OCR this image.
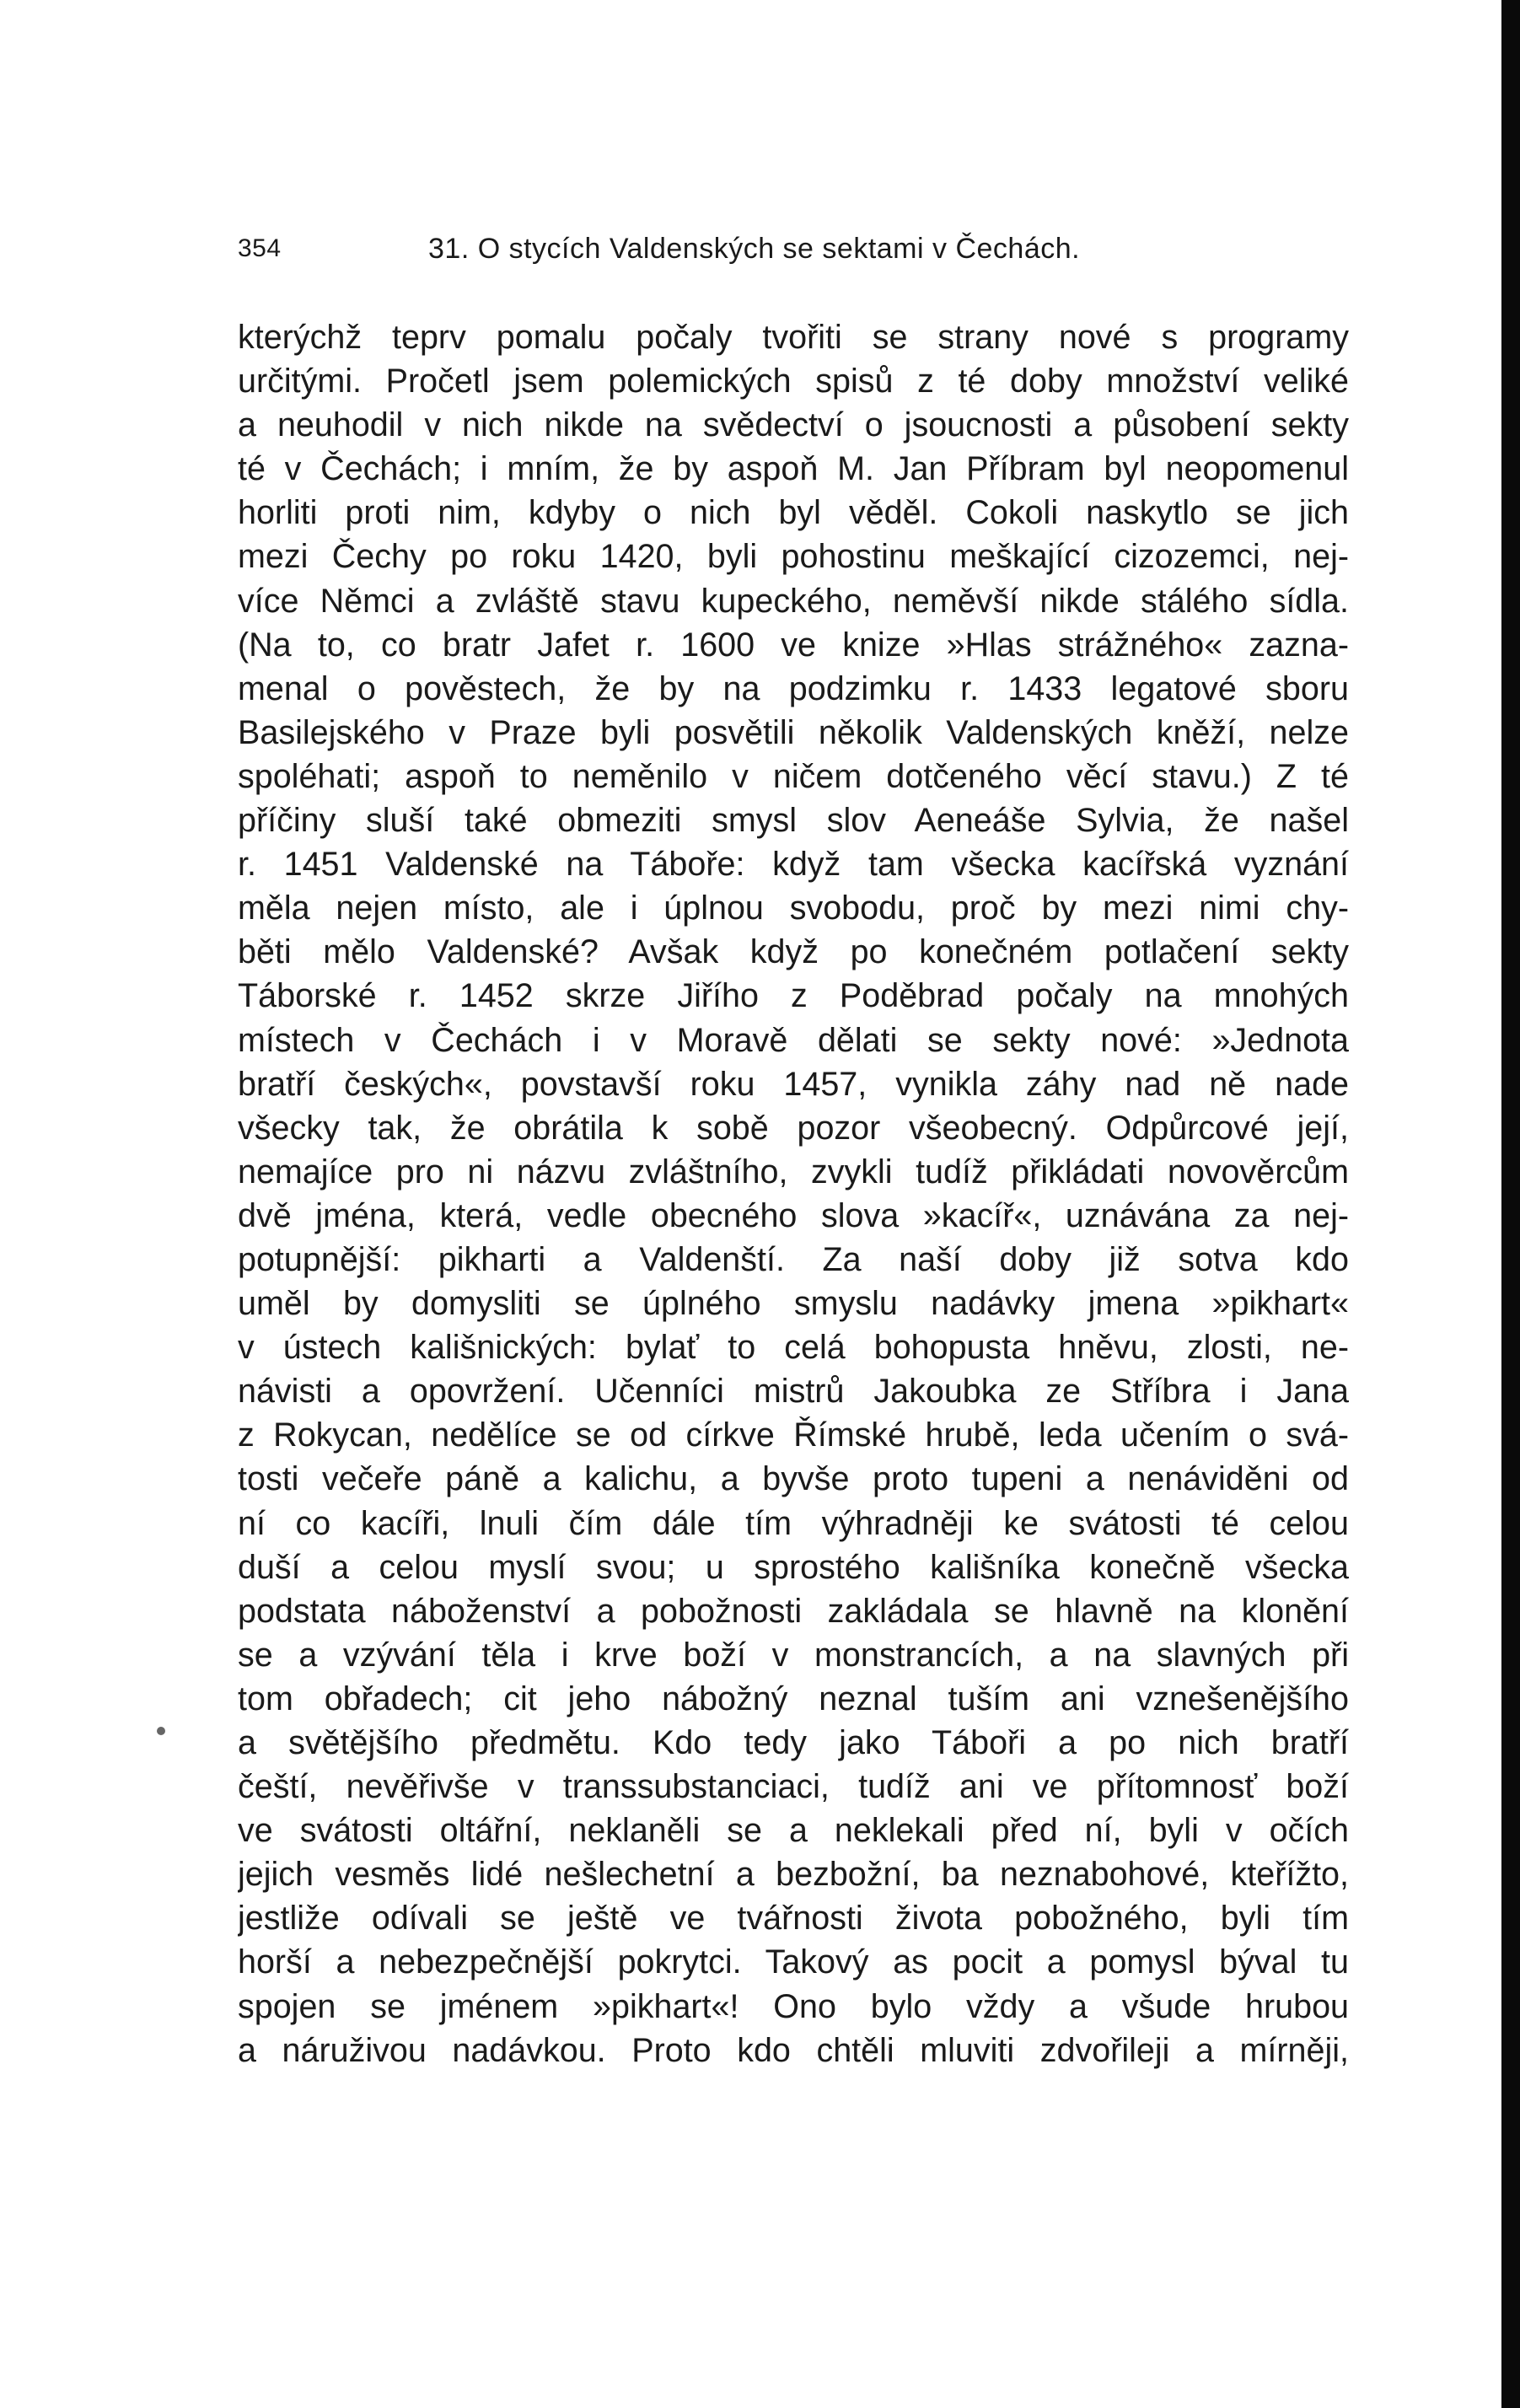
354	31. O stycích Valdenských se sektami v Čechách.
kterýchž teprv pomalu počaly tvořiti se strany nové s programy
určitými. Pročetl jsem polemických spisů z té doby množství veliké
a neuhodil v nich nikde na svědectví o jsoucnosti a působení sekty
té v Čechách; i mním, že by aspoň M. Jan Příbram byl neopomenul
horliti proti nim, kdyby o nich byl věděl. Cokoli naskytlo se jich
mezi Čechy po roku 1420, byli pohostinu meškající cizozemci, nej-
více Němci a zvláště stavu kupeckého, neměvší nikde stálého sídla.
(Na to, co bratr Jafet r. 1600 ve knize »Hlas strážného« zazna-
menal o pověstech, že by na podzimku r. 1433 legatové sboru
Basilejského v Praze byli posvětili několik Valdenských kněží, nelze
spoléhati; aspoň to neměnilo v ničem dotčeného věcí stavu.) Z té
příčiny sluší také obmeziti smysl slov Aeneáše Sylvia, že našel
r. 1451 Valdenské na Táboře: když tam všecka kacířská vyznání
měla nejen místo, ale i úplnou svobodu, proč by mezi nimi chy-
běti mělo Valdenské? Avšak když po konečném potlačení sekty
Táborské r. 1452 skrze Jiřího z Poděbrad počaly na mnohých
místech v Čechách i v Moravě dělati se sekty nové: »Jednota
bratří českých«, povstavší roku 1457, vynikla záhy nad ně nade
všecky tak, že obrátila k sobě pozor všeobecný. Odpůrcové její,
nemajíce pro ni názvu zvláštního, zvykli tudíž přikládati novověrcům
dvě jména, která, vedle obecného slova »kacíř«, uznávána za nej-
potupnější: pikharti a Valdenští. Za naší doby již sotva kdo
uměl by domysliti se úplného smyslu nadávky jmena »pikhart«
v ústech kališnických: bylať to celá bohopusta hněvu, zlosti, ne-
návisti a opovržení. Učenníci mistrů Jakoubka ze Stříbra i Jana
z Rokycan, nedělíce se od církve Římské hrubě, leda učením o svá-
tosti večeře páně a kalichu, a byvše proto tupeni a nenáviděni od
ní co kacíři, lnuli čím dále tím výhradněji ke svátosti té celou
duší a celou myslí svou; u sprostého kališníka konečně všecka
podstata náboženství a pobožnosti zakládala se hlavně na klonění
se a vzývání těla i krve boží v monstrancích, a na slavných při
tom obřadech; cit jeho nábožný neznal tuším ani vznešenějšího
a světějšího předmětu. Kdo tedy jako Táboři a po nich bratří
čeští, nevěřivše v transsubstanciaci, tudíž ani ve přítomnosť boží
ve svátosti oltářní, neklaněli se a neklekali před ní, byli v očích
jejich vesměs lidé nešlechetní a bezbožní, ba neznabohové, kteřížto,
jestliže odívali se ještě ve tvářnosti života pobožného, byli tím
horší a nebezpečnější pokrytci. Takový as pocit a pomysl býval tu
spojen se jménem »pikhart«! Ono bylo vždy a všude hrubou
a náruživou nadávkou. Proto kdo chtěli mluviti zdvořileji a mírněji,
